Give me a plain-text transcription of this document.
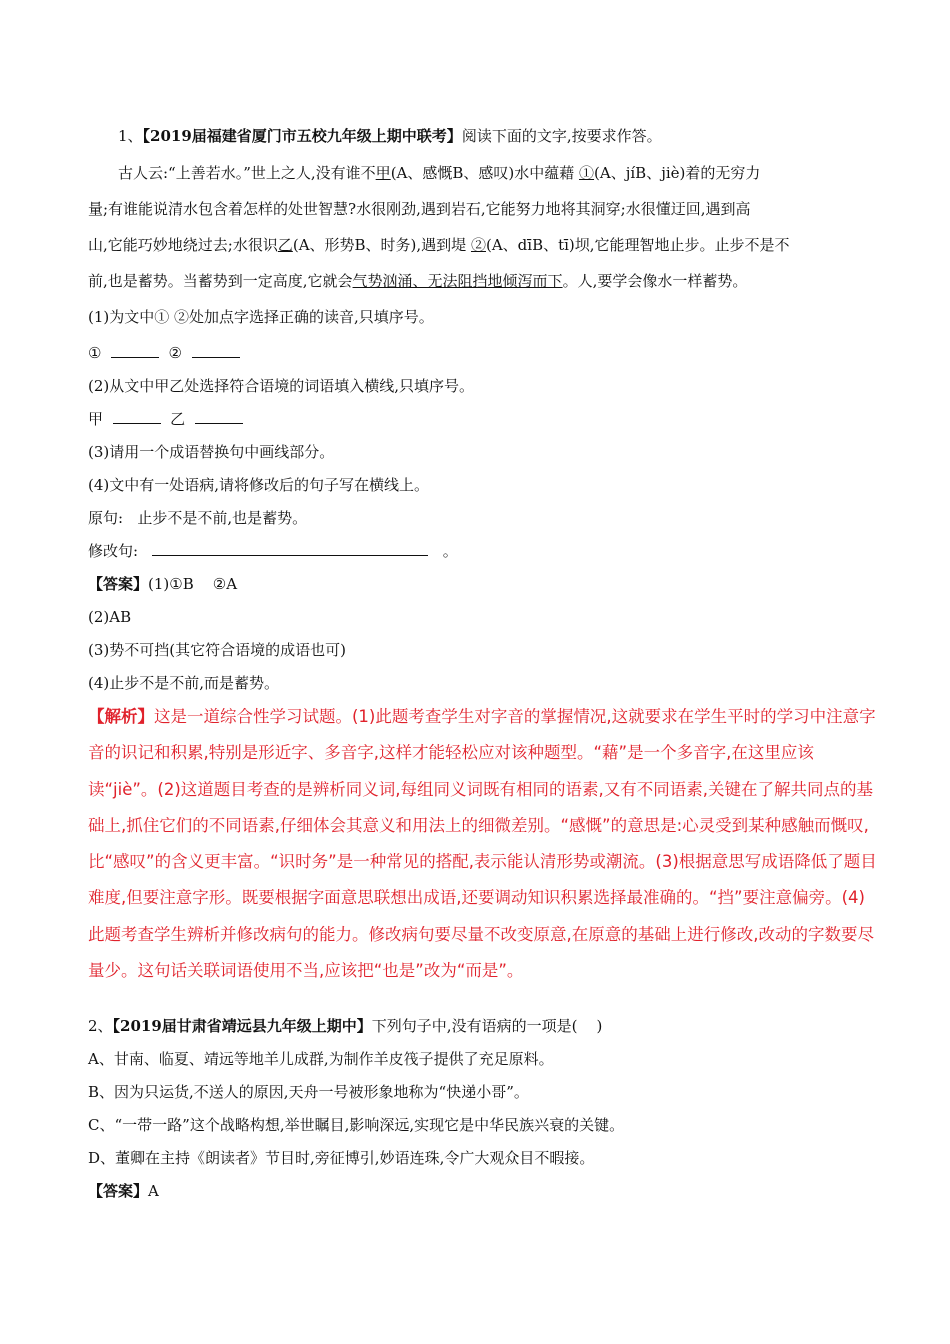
1、【2019届福建省厦门市五校九年级上期中联考】阅读下面的文字,按要求作答。
古人云:“上善若水。”世上之人,没有谁不甲(A、感慨B、感叹)水中蕴藉 ①(A、jíB、jiè)着的无穷力
量;有谁能说清水包含着怎样的处世智慧?水很刚劲,遇到岩石,它能努力地将其洞穿;水很懂迂回,遇到高
山,它能巧妙地绕过去;水很识乙(A、形势B、时务),遇到堤 ②(A、dīB、tī)坝,它能理智地止步。止步不是不
前,也是蓄势。当蓄势到一定高度,它就会气势汹涌、无法阻挡地倾泻而下。人,要学会像水一样蓄势。
(1)为文中① ②处加点字选择正确的读音,只填序号。
①	②
(2)从文中甲乙处选择符合语境的词语填入横线,只填序号。
甲	乙
(3)请用一个成语替换句中画线部分。
(4)文中有一处语病,请将修改后的句子写在横线上。
原句: 止步不是不前,也是蓄势。
修改句:	。
【答案】(1)①B    ②A
(2)AB
(3)势不可挡(其它符合语境的成语也可)
(4)止步不是不前,而是蓄势。
【解析】这是一道综合性学习试题。(1)此题考查学生对字音的掌握情况,这就要求在学生平时的学习中注意字音的识记和积累,特别是形近字、多音字,这样才能轻松应对该种题型。“藉”是一个多音字,在这里应该读“jiè”。(2)这道题目考查的是辨析同义词,每组同义词既有相同的语素,又有不同语素,关键在了解共同点的基础上,抓住它们的不同语素,仔细体会其意义和用法上的细微差别。“感慨”的意思是:心灵受到某种感触而慨叹,比“感叹”的含义更丰富。“识时务”是一种常见的搭配,表示能认清形势或潮流。(3)根据意思写成语降低了题目难度,但要注意字形。既要根据字面意思联想出成语,还要调动知识积累选择最准确的。“挡”要注意偏旁。(4)此题考查学生辨析并修改病句的能力。修改病句要尽量不改变原意,在原意的基础上进行修改,改动的字数要尽量少。这句话关联词语使用不当,应该把“也是”改为“而是”。
2、【2019届甘肃省靖远县九年级上期中】下列句子中,没有语病的一项是(    )
A、甘南、临夏、靖远等地羊儿成群,为制作羊皮筏子提供了充足原料。
B、因为只运货,不送人的原因,天舟一号被形象地称为“快递小哥”。
C、“一带一路”这个战略构想,举世瞩目,影响深远,实现它是中华民族兴衰的关键。
D、董卿在主持《朗读者》节目时,旁征博引,妙语连珠,令广大观众目不暇接。
【答案】A
